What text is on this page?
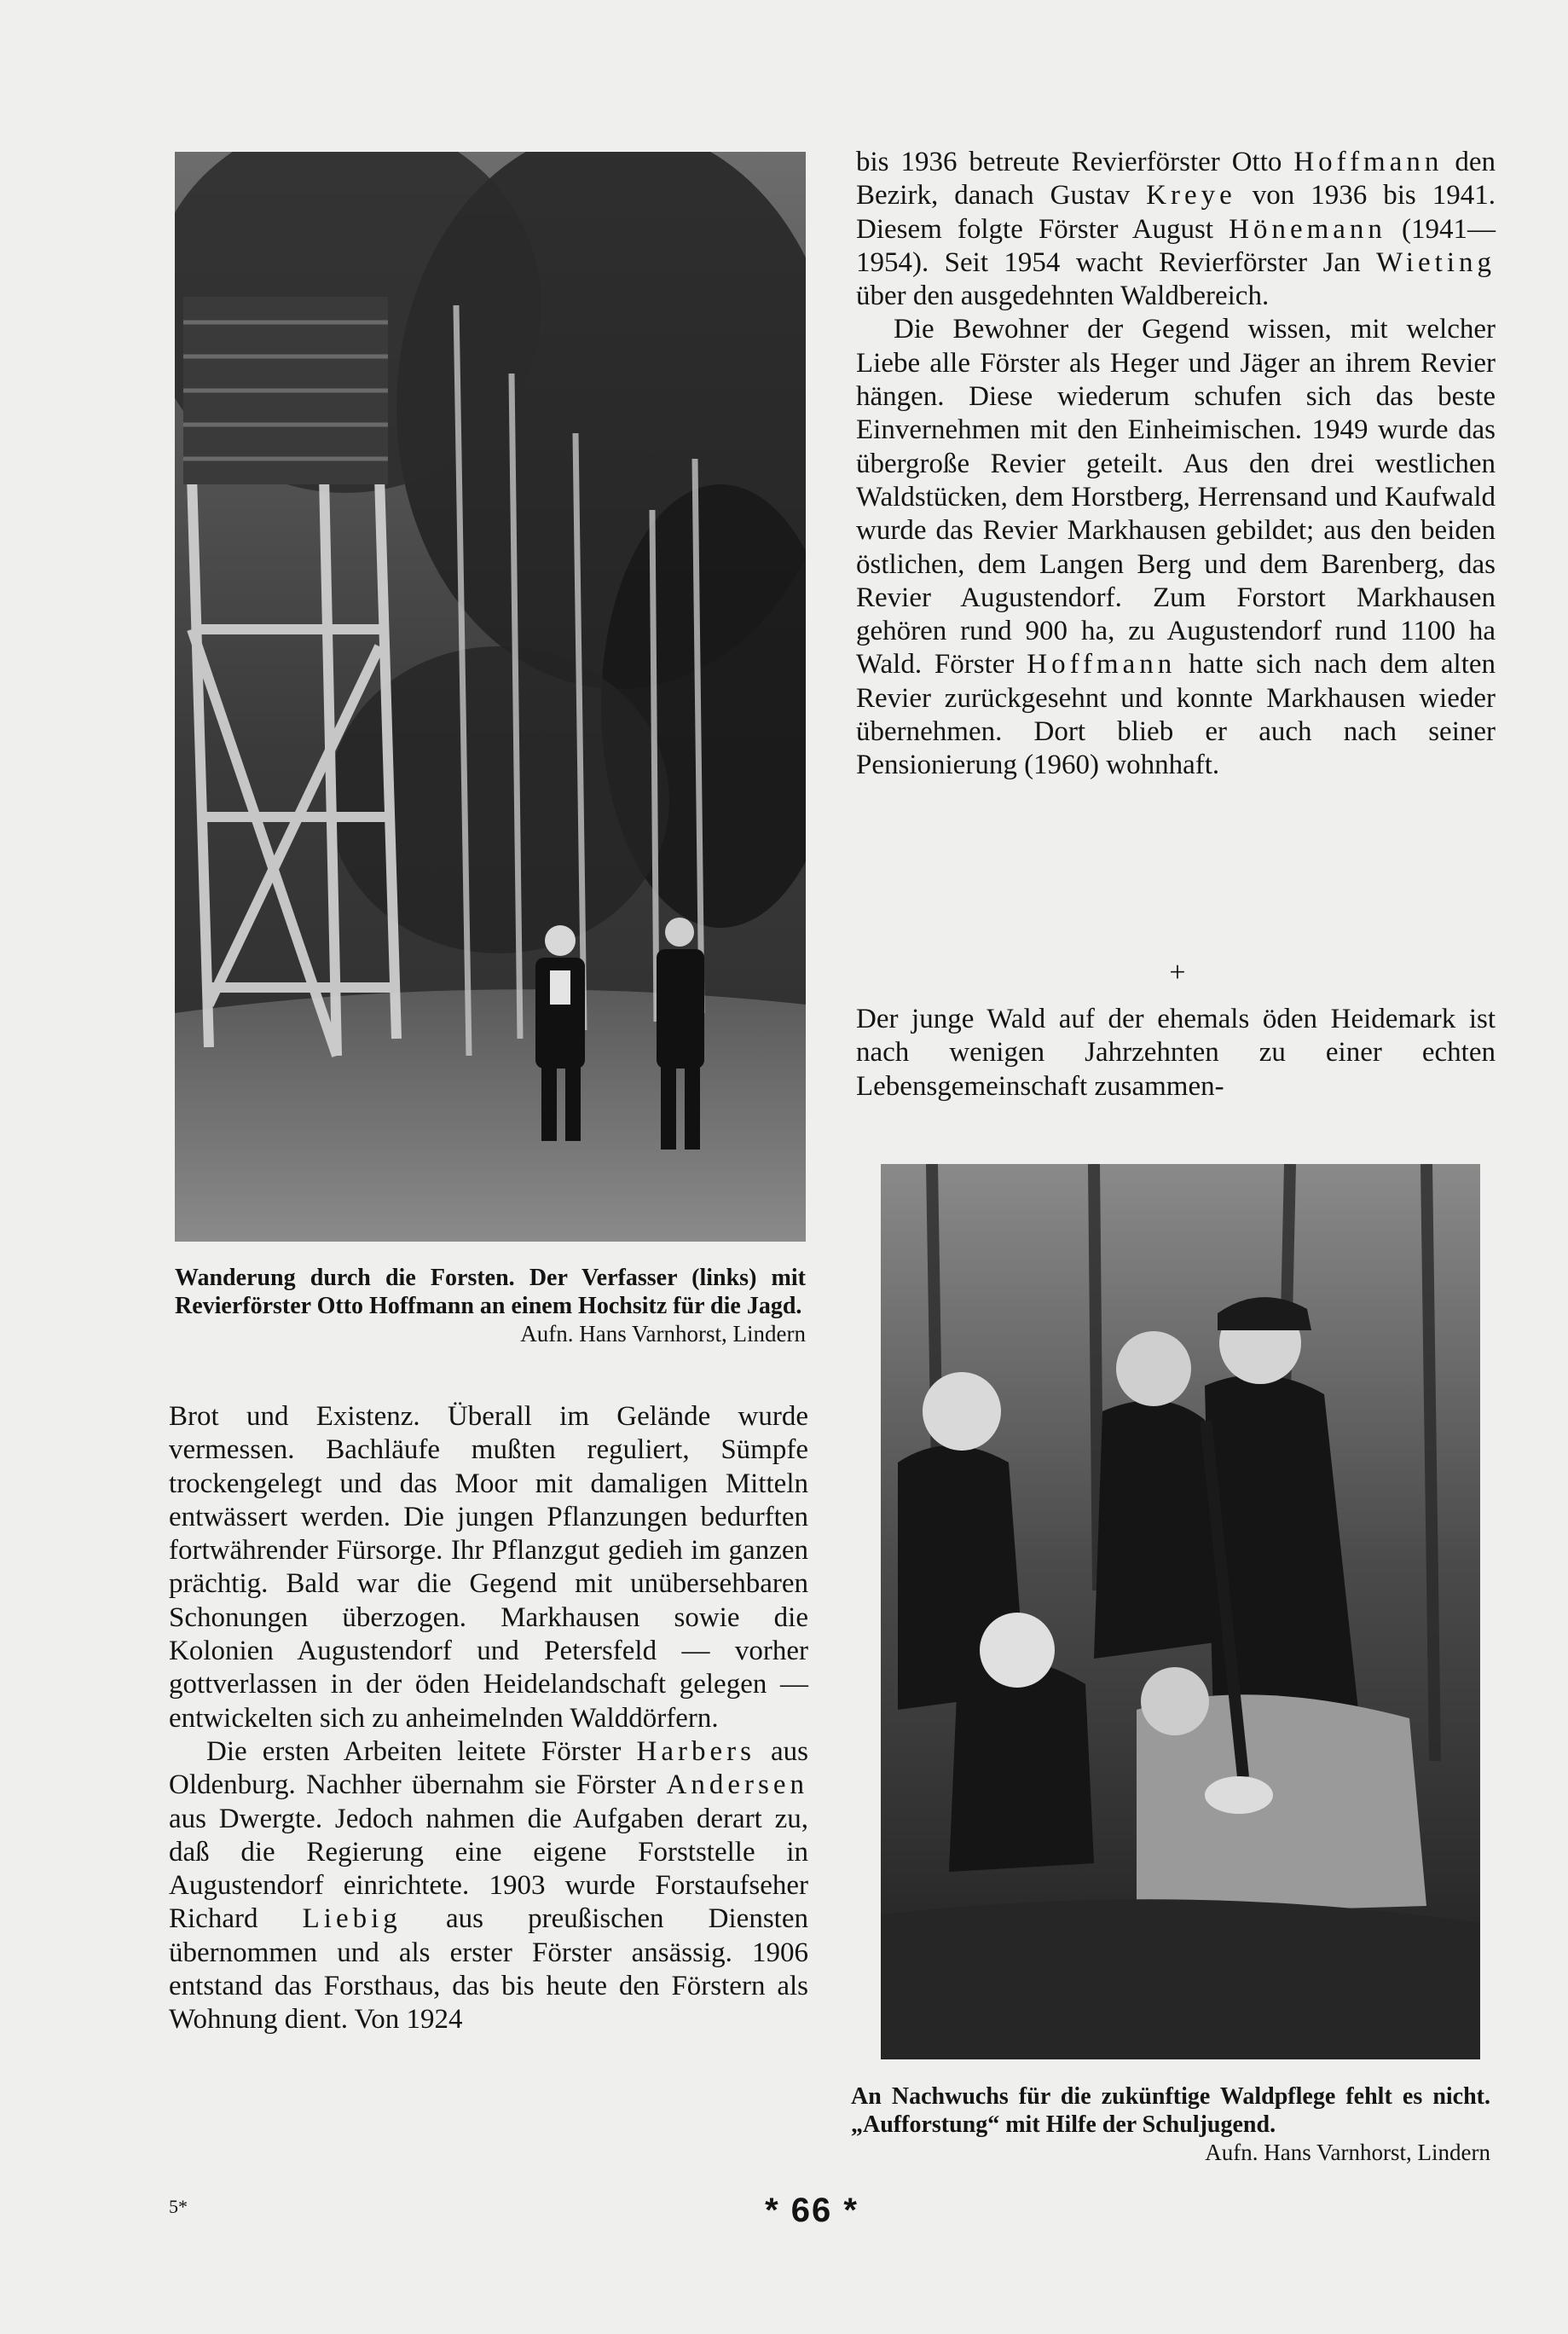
Wanderung durch die Forsten. Der Verfasser (links) mit Revierförster Otto Hoffmann an einem Hochsitz für die Jagd.
Aufn. Hans Varnhorst, Lindern

Brot und Existenz. Überall im Gelände wurde vermessen. Bachläufe mußten reguliert, Sümpfe trockengelegt und das Moor mit damaligen Mitteln entwässert werden. Die jungen Pflanzungen bedurften fortwährender Fürsorge. Ihr Pflanzgut gedieh im ganzen prächtig. Bald war die Gegend mit unübersehbaren Schonungen überzogen. Markhausen sowie die Kolonien Augustendorf und Petersfeld — vorher gottverlassen in der öden Heidelandschaft gelegen — entwickelten sich zu anheimelnden Walddörfern.

Die ersten Arbeiten leitete Förster Harbers aus Oldenburg. Nachher übernahm sie Förster Andersen aus Dwergte. Jedoch nahmen die Aufgaben derart zu, daß die Regierung eine eigene Forststelle in Augustendorf einrichtete. 1903 wurde Forstaufseher Richard Liebig aus preußischen Diensten übernommen und als erster Förster ansässig. 1906 entstand das Forsthaus, das bis heute den Förstern als Wohnung dient. Von 1924

bis 1936 betreute Revierförster Otto Hoffmann den Bezirk, danach Gustav Kreye von 1936 bis 1941. Diesem folgte Förster August Hönemann (1941—1954). Seit 1954 wacht Revierförster Jan Wieting über den ausgedehnten Waldbereich.

Die Bewohner der Gegend wissen, mit welcher Liebe alle Förster als Heger und Jäger an ihrem Revier hängen. Diese wiederum schufen sich das beste Einvernehmen mit den Einheimischen. 1949 wurde das übergroße Revier geteilt. Aus den drei westlichen Waldstücken, dem Horstberg, Herrensand und Kaufwald wurde das Revier Markhausen gebildet; aus den beiden östlichen, dem Langen Berg und dem Barenberg, das Revier Augustendorf. Zum Forstort Markhausen gehören rund 900 ha, zu Augustendorf rund 1100 ha Wald. Förster Hoffmann hatte sich nach dem alten Revier zurückgesehnt und konnte Markhausen wieder übernehmen. Dort blieb er auch nach seiner Pensionierung (1960) wohnhaft.

+

Der junge Wald auf der ehemals öden Heidemark ist nach wenigen Jahrzehnten zu einer echten Lebensgemeinschaft zusammen-

An Nachwuchs für die zukünftige Waldpflege fehlt es nicht. „Aufforstung“ mit Hilfe der Schuljugend.
Aufn. Hans Varnhorst, Lindern
5*	* 66 *
